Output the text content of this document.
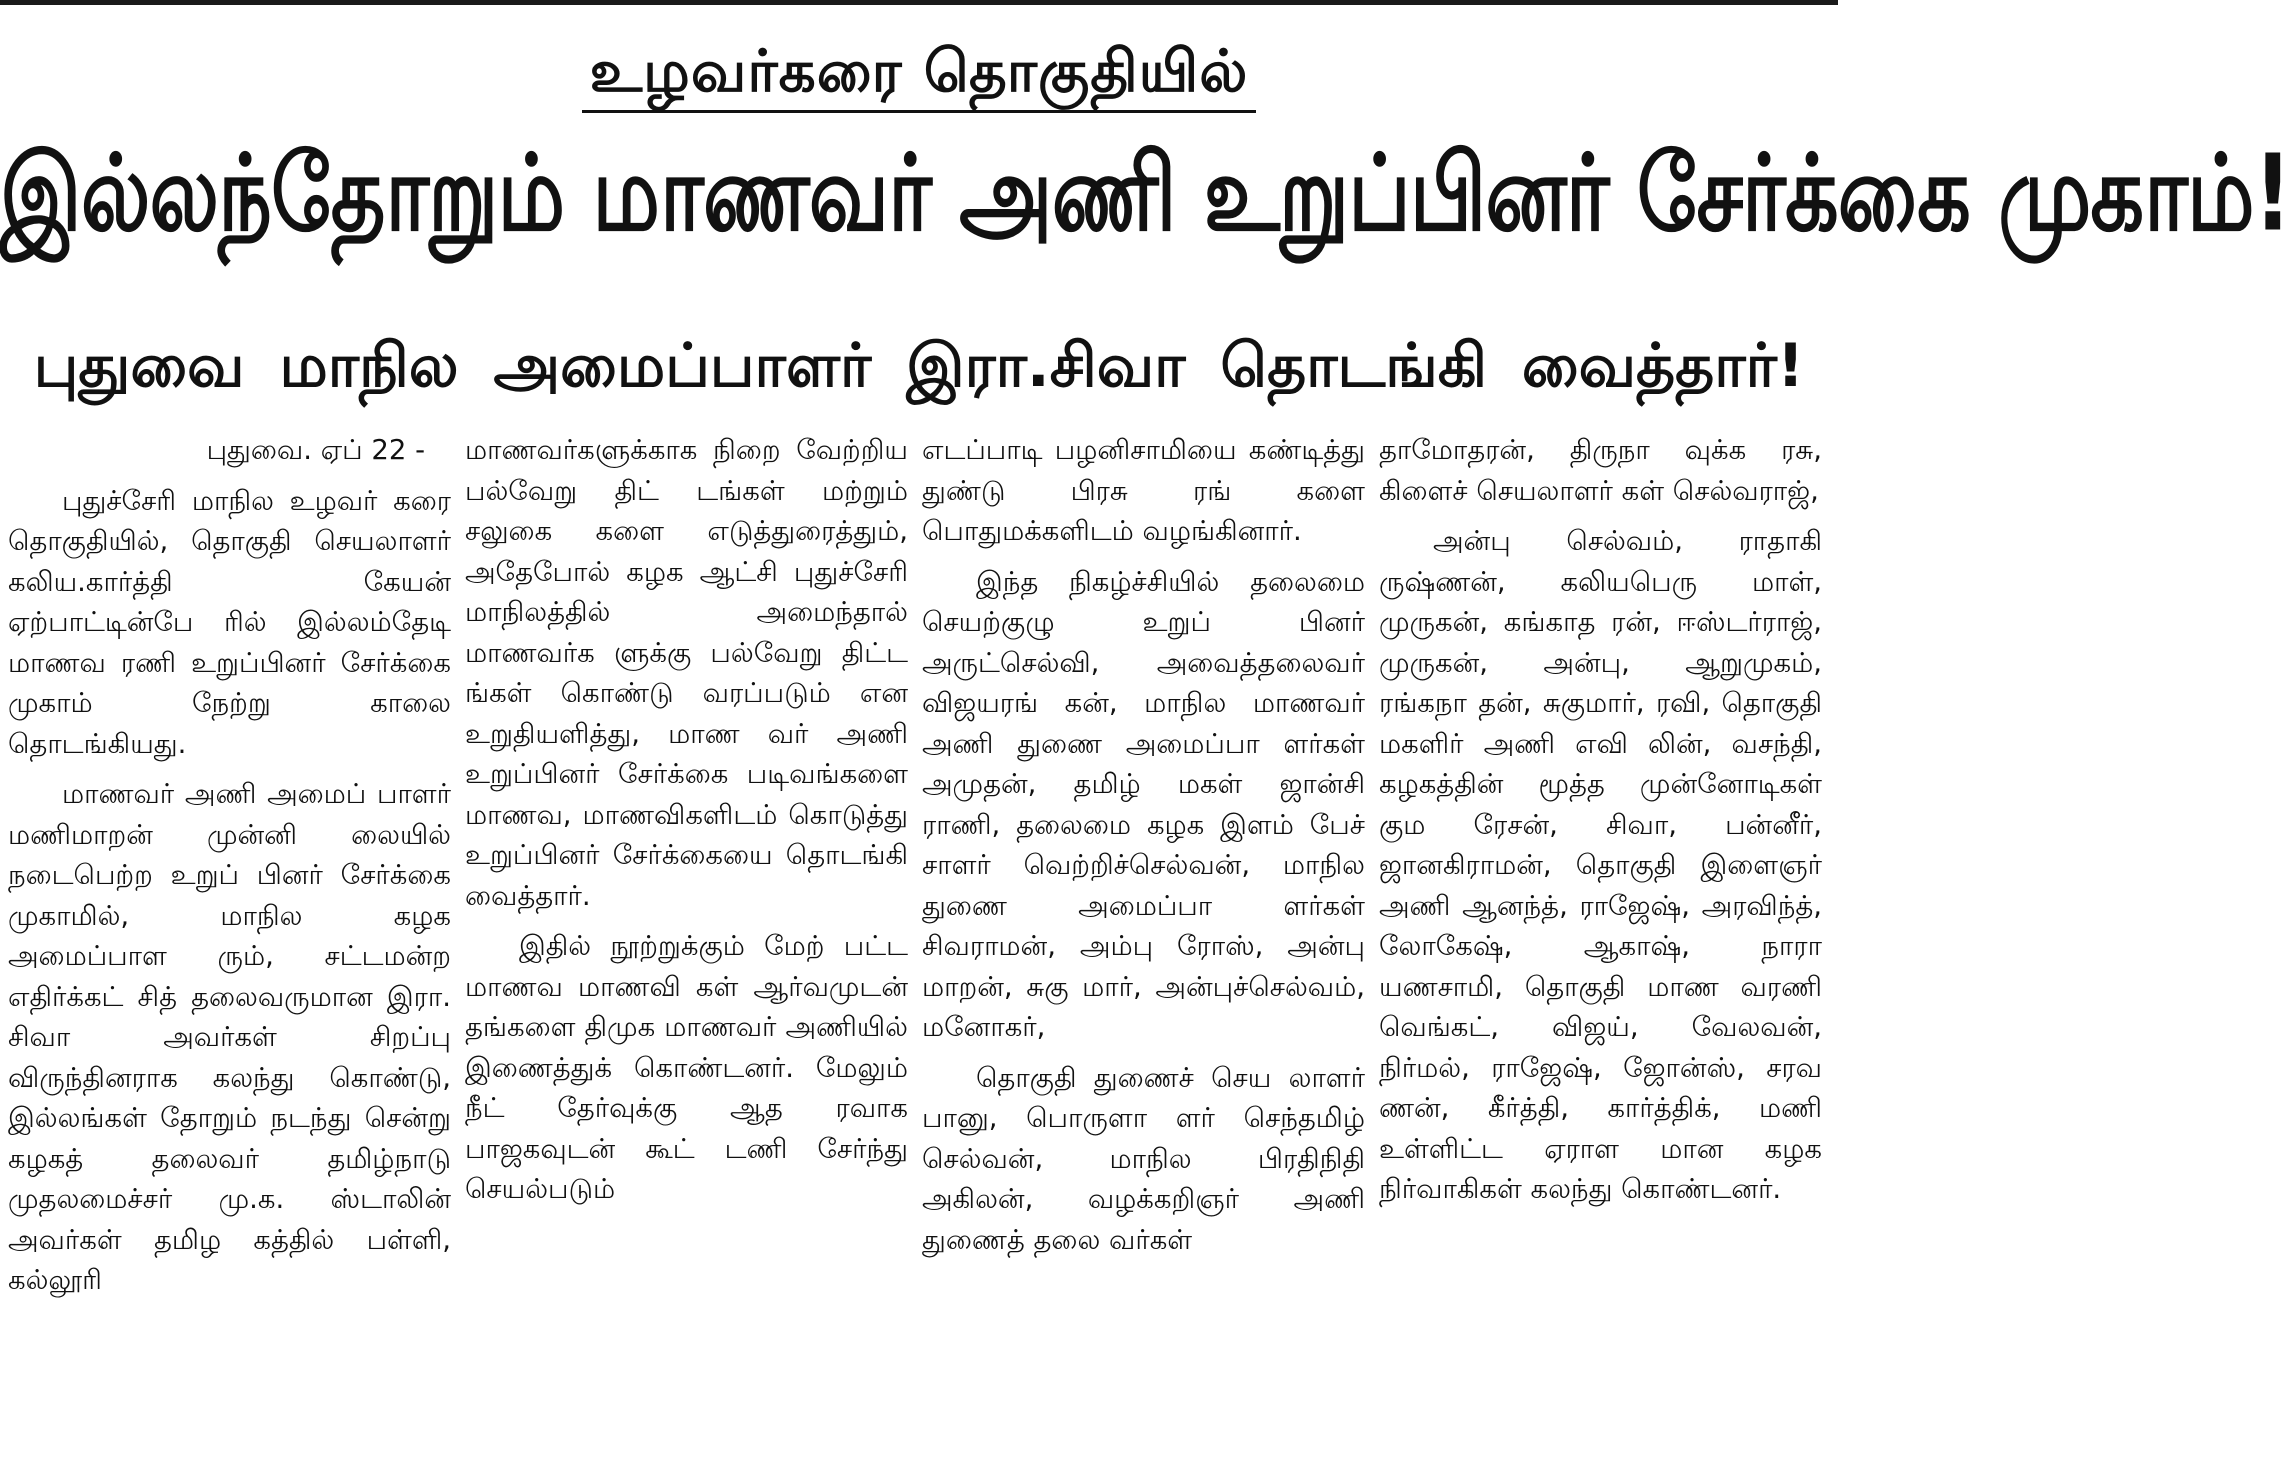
உழவர்கரை தொகுதியில்
இல்லந்தோறும் மாணவர் அணி உறுப்பினர் சேர்க்கை முகாம்!
புதுவை மாநில அமைப்பாளர் இரா.சிவா தொடங்கி வைத்தார்!

புதுவை. ஏப் 22 -

புதுச்சேரி மாநில உழவர் கரை தொகுதியில், தொகுதி செயலாளர் கலிய.கார்த்தி கேயன் ஏற்பாட்டின்பே ரில் இல்லம்தேடி மாணவ ரணி உறுப்பினர் சேர்க்கை முகாம் நேற்று காலை தொடங்கியது.

மாணவர் அணி அமைப் பாளர் மணிமாறன் முன்னி லையில் நடைபெற்ற உறுப் பினர் சேர்க்கை முகாமில், மாநில கழக அமைப்பாள ரும், சட்டமன்ற எதிர்க்கட் சித் தலைவருமான இரா. சிவா அவர்கள் சிறப்பு விருந்தினராக கலந்து கொண்டு, இல்லங்கள் தோறும் நடந்து சென்று கழகத் தலைவர் தமிழ்நாடு முதலமைச்சர் மு.க. ஸ்டாலின் அவர்கள் தமிழ கத்தில் பள்ளி, கல்லூரி

மாணவர்களுக்காக நிறை வேற்றிய பல்வேறு திட் டங்கள் மற்றும் சலுகை களை எடுத்துரைத்தும், அதேபோல் கழக ஆட்சி புதுச்சேரி மாநிலத்தில் அமைந்தால் மாணவர்க ளுக்கு பல்வேறு திட்ட ங்கள் கொண்டு வரப்படும் என உறுதியளித்து, மாண வர் அணி உறுப்பினர் சேர்க்கை படிவங்களை மாணவ, மாணவிகளிடம் கொடுத்து உறுப்பினர் சேர்க்கையை தொடங்கி வைத்தார்.

இதில் நூற்றுக்கும் மேற் பட்ட மாணவ மாணவி கள் ஆர்வமுடன் தங்களை திமுக மாணவர் அணியில் இணைத்துக் கொண்டனர். மேலும் நீட் தேர்வுக்கு ஆத ரவாக பாஜகவுடன் கூட் டணி சேர்ந்து செயல்படும்

எடப்பாடி பழனிசாமியை கண்டித்து துண்டு பிரசு ரங் களை பொதுமக்களிடம் வழங்கினார்.

இந்த நிகழ்ச்சியில் தலைமை செயற்குழு உறுப் பினர் அருட்செல்வி, அவைத்தலைவர் விஜயரங் கன், மாநில மாணவர் அணி துணை அமைப்பா ளர்கள் அமுதன், தமிழ் மகள் ஜான்சி ராணி, தலைமை கழக இளம் பேச் சாளர் வெற்றிச்செல்வன், மாநில துணை அமைப்பா ளர்கள் சிவராமன், அம்பு ரோஸ், அன்பு மாறன், சுகு மார், அன்புச்செல்வம், மனோகர்,

தொகுதி துணைச் செய லாளர் பானு, பொருளா ளர் செந்தமிழ் செல்வன், மாநில பிரதிநிதி அகிலன், வழக்கறிஞர் அணி துணைத் தலை வர்கள்

தாமோதரன், திருநா வுக்க ரசு, கிளைச் செயலாளர் கள் செல்வராஜ்,

அன்பு செல்வம், ராதாகி ருஷ்ணன், கலியபெரு மாள், முருகன், கங்காத ரன், ஈஸ்டர்ராஜ், முருகன், அன்பு, ஆறுமுகம், ரங்கநா தன், சுகுமார், ரவி, தொகுதி மகளிர் அணி எவி லின், வசந்தி, கழகத்தின் மூத்த முன்னோடிகள் கும ரேசன், சிவா, பன்னீர், ஜானகிராமன், தொகுதி இளைஞர் அணி ஆனந்த், ராஜேஷ், அரவிந்த், லோகேஷ், ஆகாஷ், நாரா யணசாமி, தொகுதி மாண வரணி வெங்கட், விஜய், வேலவன், நிர்மல், ராஜேஷ், ஜோன்ஸ், சரவ ணன், கீர்த்தி, கார்த்திக், மணி உள்ளிட்ட ஏராள மான கழக நிர்வாகிகள் கலந்து கொண்டனர்.
